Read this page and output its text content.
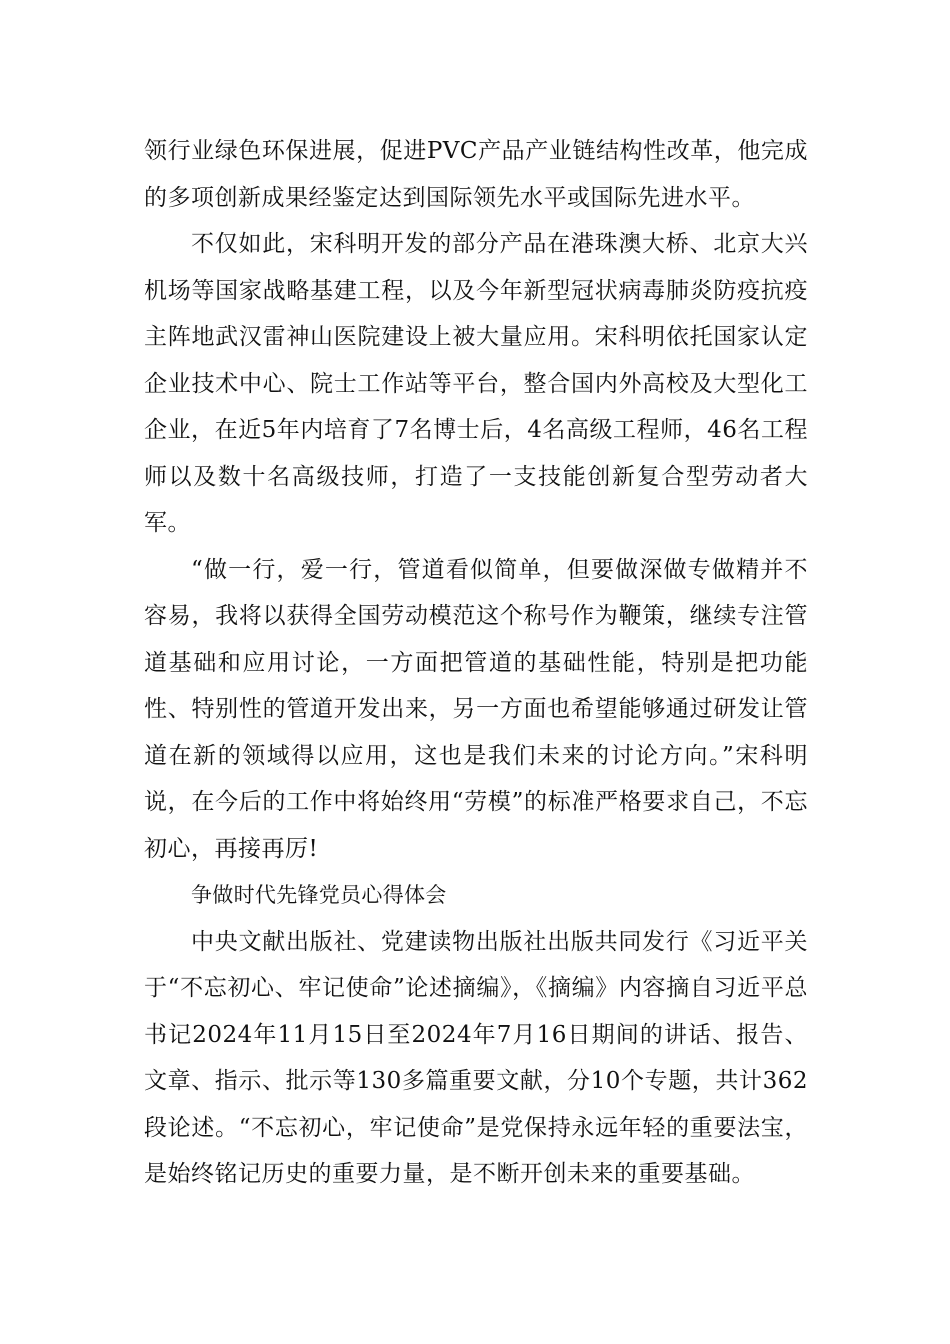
领行业绿色环保进展，促进PVC产品产业链结构性改革，他完成的多项创新成果经鉴定达到国际领先水平或国际先进水平。

不仅如此，宋科明开发的部分产品在港珠澳大桥、北京大兴机场等国家战略基建工程，以及今年新型冠状病毒肺炎防疫抗疫主阵地武汉雷神山医院建设上被大量应用。宋科明依托国家认定企业技术中心、院士工作站等平台，整合国内外高校及大型化工企业，在近5年内培育了7名博士后，4名高级工程师，46名工程师以及数十名高级技师，打造了一支技能创新复合型劳动者大军。

“做一行，爱一行，管道看似简单，但要做深做专做精并不容易，我将以获得全国劳动模范这个称号作为鞭策，继续专注管道基础和应用讨论，一方面把管道的基础性能，特别是把功能性、特别性的管道开发出来，另一方面也希望能够通过研发让管道在新的领域得以应用，这也是我们未来的讨论方向。”宋科明说，在今后的工作中将始终用“劳模”的标准严格要求自己，不忘初心，再接再厉!

争做时代先锋党员心得体会

中央文献出版社、党建读物出版社出版共同发行《习近平关于“不忘初心、牢记使命”论述摘编》，《摘编》内容摘自习近平总书记2024年11月15日至2024年7月16日期间的讲话、报告、文章、指示、批示等130多篇重要文献，分10个专题，共计362段论述。“不忘初心，牢记使命”是党保持永远年轻的重要法宝，是始终铭记历史的重要力量，是不断开创未来的重要基础。
